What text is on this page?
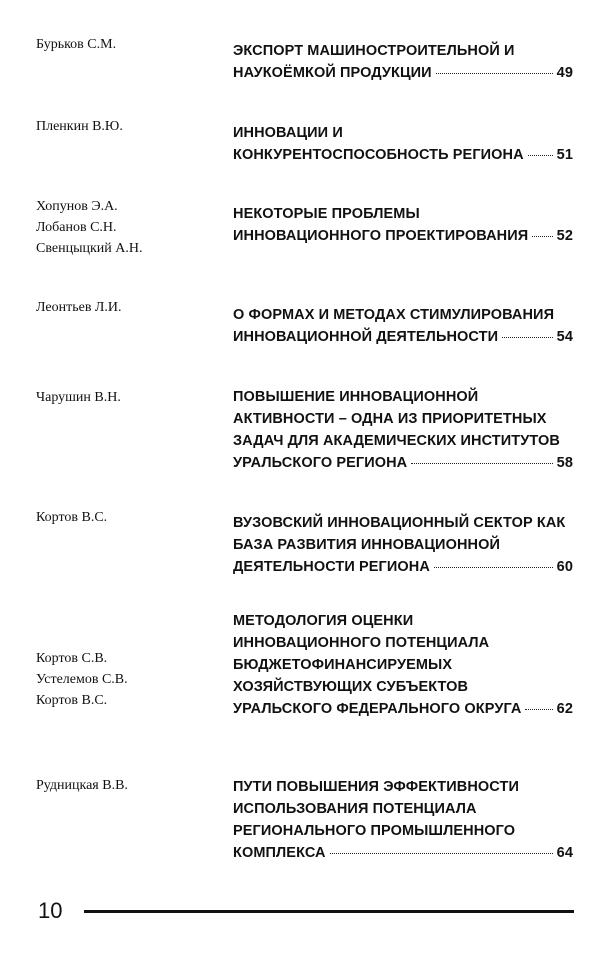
Бурьков С.М.	ЭКСПОРТ МАШИНОСТРОИТЕЛЬНОЙ И
НАУКОЁМКОЙ ПРОДУКЦИИ	49
Пленкин В.Ю.	ИННОВАЦИИ И
КОНКУРЕНТОСПОСОБНОСТЬ РЕГИОНА 51
Хопунов Э.А.
Лобанов С.Н.
Свенцыцкий А.Н.
НЕКОТОРЫЕ ПРОБЛЕМЫ
ИННОВАЦИОННОГО ПРОЕКТИРОВАНИЯ 52
Леонтьев Л.И.	О ФОРМАХ И МЕТОДАХ СТИМУЛИРОВАНИЯ
ИННОВАЦИОННОЙ ДЕЯТЕЛЬНОСТИ	54
Чарушин В.Н.	ПОВЫШЕНИЕ ИННОВАЦИОННОЙ
АКТИВНОСТИ – ОДНА ИЗ ПРИОРИТЕТНЫХ
ЗАДАЧ ДЛЯ АКАДЕМИЧЕСКИХ ИНСТИТУТОВ
УРАЛЬСКОГО РЕГИОНА	58
Кортов В.С.	ВУЗОВСКИЙ ИННОВАЦИОННЫЙ СЕКТОР КАК
БАЗА РАЗВИТИЯ ИННОВАЦИОННОЙ
ДЕЯТЕЛЬНОСТИ РЕГИОНА	60
Кортов С.В.
Устелемов С.В.
Кортов В.С.
МЕТОДОЛОГИЯ ОЦЕНКИ
ИННОВАЦИОННОГО ПОТЕНЦИАЛА
БЮДЖЕТОФИНАНСИРУЕМЫХ
ХОЗЯЙСТВУЮЩИХ СУБЪЕКТОВ
УРАЛЬСКОГО ФЕДЕРАЛЬНОГО ОКРУГА 62
Рудницкая В.В.	ПУТИ ПОВЫШЕНИЯ ЭФФЕКТИВНОСТИ
ИСПОЛЬЗОВАНИЯ ПОТЕНЦИАЛА
РЕГИОНАЛЬНОГО ПРОМЫШЛЕННОГО
КОМПЛЕКСА	64
10
